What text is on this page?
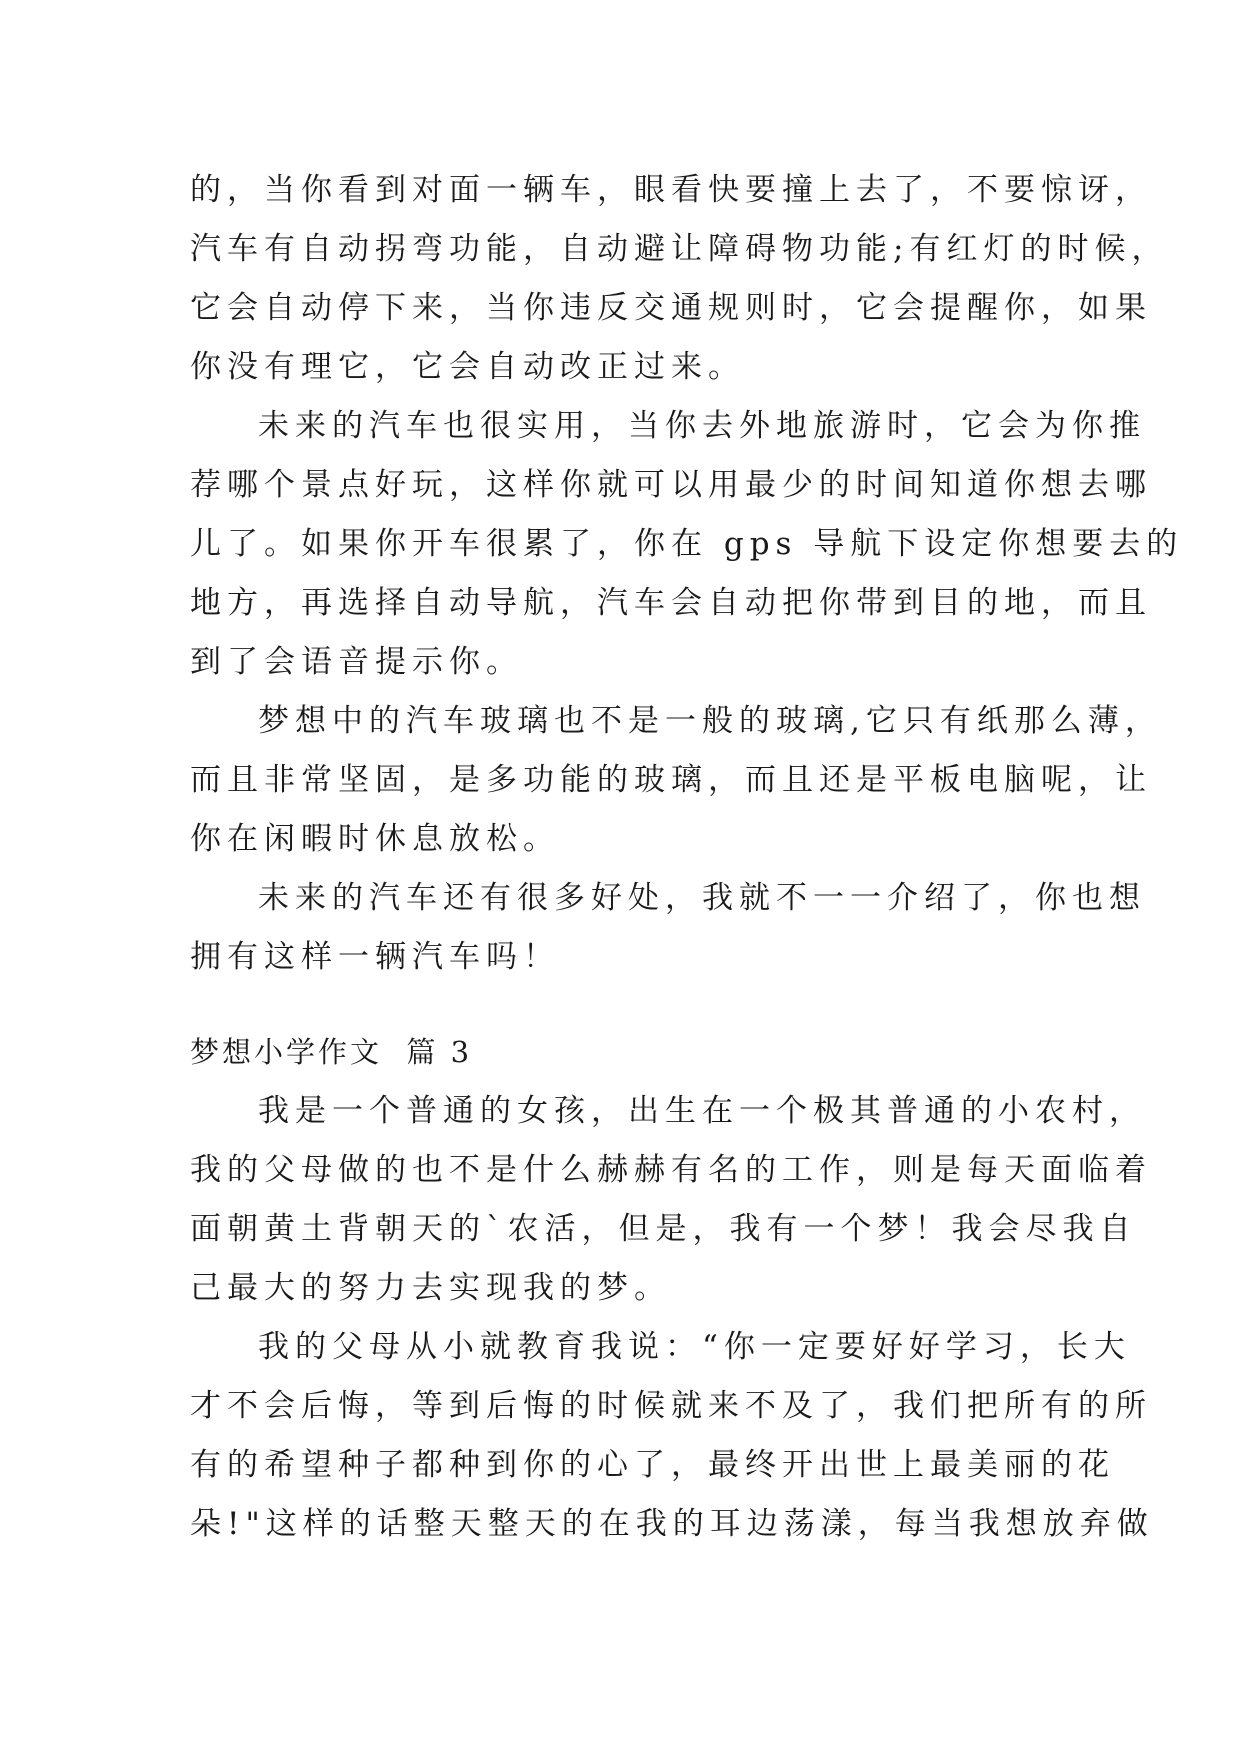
的，当你看到对面一辆车，眼看快要撞上去了，不要惊讶，
汽车有自动拐弯功能，自动避让障碍物功能;有红灯的时候，
它会自动停下来，当你违反交通规则时，它会提醒你，如果
你没有理它，它会自动改正过来。
未来的汽车也很实用，当你去外地旅游时，它会为你推
荐哪个景点好玩，这样你就可以用最少的时间知道你想去哪
儿了。如果你开车很累了，你在 gps 导航下设定你想要去的
地方，再选择自动导航，汽车会自动把你带到目的地，而且
到了会语音提示你。
梦想中的汽车玻璃也不是一般的玻璃,它只有纸那么薄，
而且非常坚固，是多功能的玻璃，而且还是平板电脑呢，让
你在闲暇时休息放松。
未来的汽车还有很多好处，我就不一一介绍了，你也想
拥有这样一辆汽车吗！
梦想小学作文  篇 3
我是一个普通的女孩，出生在一个极其普通的小农村，
我的父母做的也不是什么赫赫有名的工作，则是每天面临着
面朝黄土背朝天的`农活，但是，我有一个梦！我会尽我自
己最大的努力去实现我的梦。
我的父母从小就教育我说：“你一定要好好学习，长大
才不会后悔，等到后悔的时候就来不及了，我们把所有的所
有的希望种子都种到你的心了，最终开出世上最美丽的花
朵!"这样的话整天整天的在我的耳边荡漾，每当我想放弃做
